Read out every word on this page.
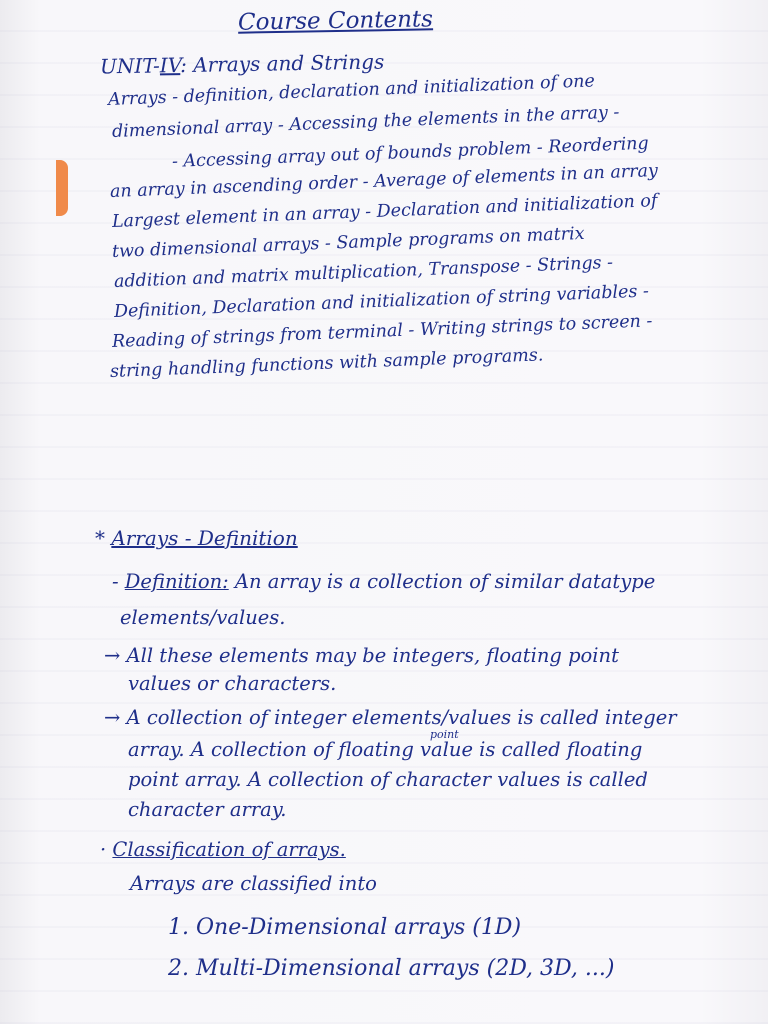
Course Contents
UNIT-IV: Arrays and Strings
Arrays - definition, declaration and initialization of one
dimensional array - Accessing the elements in the array -
- Accessing array out of bounds problem - Reordering
an array in ascending order - Average of elements in an array
Largest element in an array - Declaration and initialization of
two dimensional arrays - Sample programs on matrix
addition and matrix multiplication, Transpose - Strings -
Definition, Declaration and initialization of string variables -
Reading of strings from terminal - Writing strings to screen -
string handling functions with sample programs.
* Arrays - Definition
- Definition: An array is a collection of similar datatype
elements/values.
→ All these elements may be integers, floating point
values or characters.
→ A collection of integer elements/values is called integer
point
array. A collection of floating value is called floating
point array. A collection of character values is called
character array.
· Classification of arrays.
Arrays are classified into
1. One-Dimensional arrays (1D)
2. Multi-Dimensional arrays (2D, 3D, ...)
